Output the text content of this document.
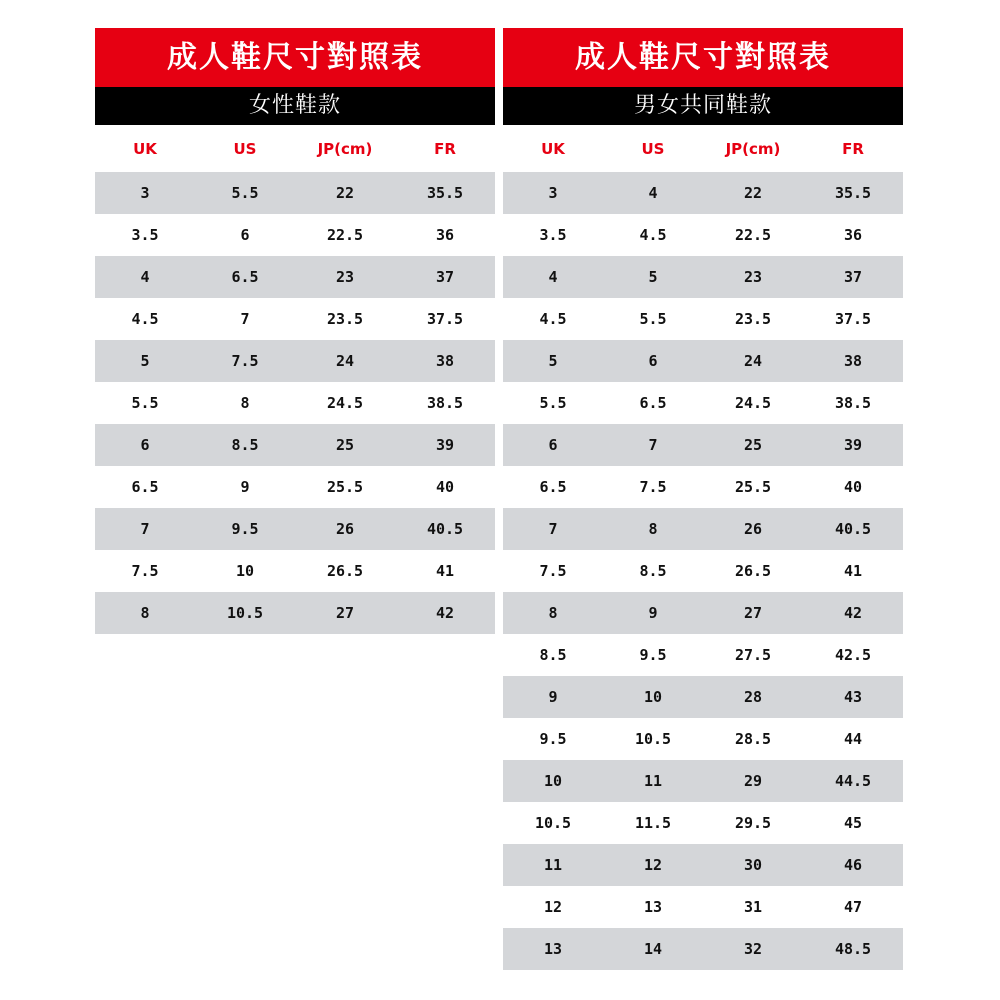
成人鞋尺寸對照表
女性鞋款
UK	US	JP(cm)	FR
3	5.5	22	35.5
3.5	6	22.5	36
4	6.5	23	37
4.5	7	23.5	37.5
5	7.5	24	38
5.5	8	24.5	38.5
6	8.5	25	39
6.5	9	25.5	40
7	9.5	26	40.5
7.5	10	26.5	41
8	10.5	27	42
成人鞋尺寸對照表
男女共同鞋款
UK	US	JP(cm)	FR
3	4	22	35.5
3.5	4.5	22.5	36
4	5	23	37
4.5	5.5	23.5	37.5
5	6	24	38
5.5	6.5	24.5	38.5
6	7	25	39
6.5	7.5	25.5	40
7	8	26	40.5
7.5	8.5	26.5	41
8	9	27	42
8.5	9.5	27.5	42.5
9	10	28	43
9.5	10.5	28.5	44
10	11	29	44.5
10.5	11.5	29.5	45
11	12	30	46
12	13	31	47
13	14	32	48.5
